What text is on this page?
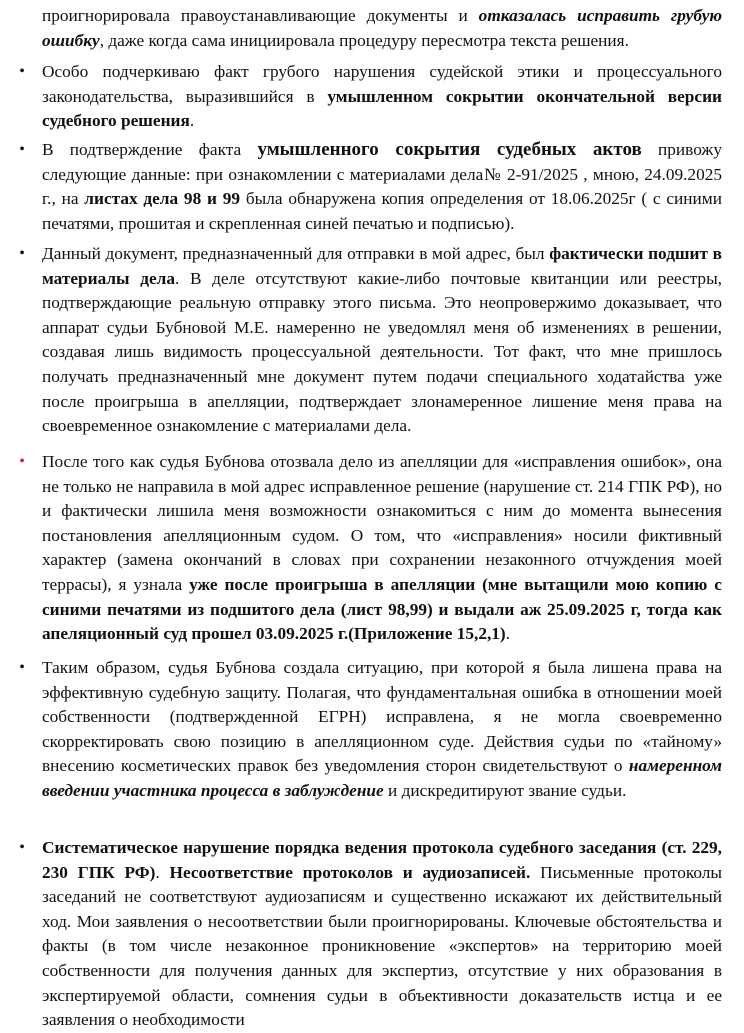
проигнорировала правоустанавливающие документы и отказалась исправить грубую ошибку, даже когда сама инициировала процедуру пересмотра текста решения.

• Особо подчеркиваю факт грубого нарушения судейской этики и процессуального законодательства, выразившийся в умышленном сокрытии окончательной версии судебного решения.

• В подтверждение факта умышленного сокрытия судебных актов привожу следующие данные: при ознакомлении с материалами дела№ 2-91/2025 , мною, 24.09.2025 г., на листах дела 98 и 99 была обнаружена копия определения от 18.06.2025г ( с синими печатями, прошитая и скрепленная синей печатью и подписью).

• Данный документ, предназначенный для отправки в мой адрес, был фактически подшит в материалы дела. В деле отсутствуют какие-либо почтовые квитанции или реестры, подтверждающие реальную отправку этого письма. Это неопровержимо доказывает, что аппарат судьи Бубновой М.Е. намеренно не уведомлял меня об изменениях в решении, создавая лишь видимость процессуальной деятельности. Тот факт, что мне пришлось получать предназначенный мне документ путем подачи специального ходатайства уже после проигрыша в апелляции, подтверждает злонамеренное лишение меня права на своевременное ознакомление с материалами дела.

• После того как судья Бубнова отозвала дело из апелляции для «исправления ошибок», она не только не направила в мой адрес исправленное решение (нарушение ст. 214 ГПК РФ), но и фактически лишила меня возможности ознакомиться с ним до момента вынесения постановления апелляционным судом. О том, что «исправления» носили фиктивный характер (замена окончаний в словах при сохранении незаконного отчуждения моей террасы), я узнала уже после проигрыша в апелляции (мне вытащили мою копию с синими печатями из подшитого дела (лист 98,99) и выдали аж 25.09.2025 г, тогда как апеляционный суд прошел 03.09.2025 г.(Приложение 15,2,1).

• Таким образом, судья Бубнова создала ситуацию, при которой я была лишена права на эффективную судебную защиту. Полагая, что фундаментальная ошибка в отношении моей собственности (подтвержденной ЕГРН) исправлена, я не могла своевременно скорректировать свою позицию в апелляционном суде. Действия судьи по «тайному» внесению косметических правок без уведомления сторон свидетельствуют о намеренном введении участника процесса в заблуждение и дискредитируют звание судьи.

• Систематическое нарушение порядка ведения протокола судебного заседания (ст. 229, 230 ГПК РФ). Несоответствие протоколов и аудиозаписей. Письменные протоколы заседаний не соответствуют аудиозаписям и существенно искажают их действительный ход. Мои заявления о несоответствии были проигнорированы. Ключевые обстоятельства и факты (в том числе незаконное проникновение «экспертов» на территорию моей собственности для получения данных для экспертиз, отсутствие у них образования в экспертируемой области, сомнения судьи в объективности доказательств истца и ее заявления о необходимости
